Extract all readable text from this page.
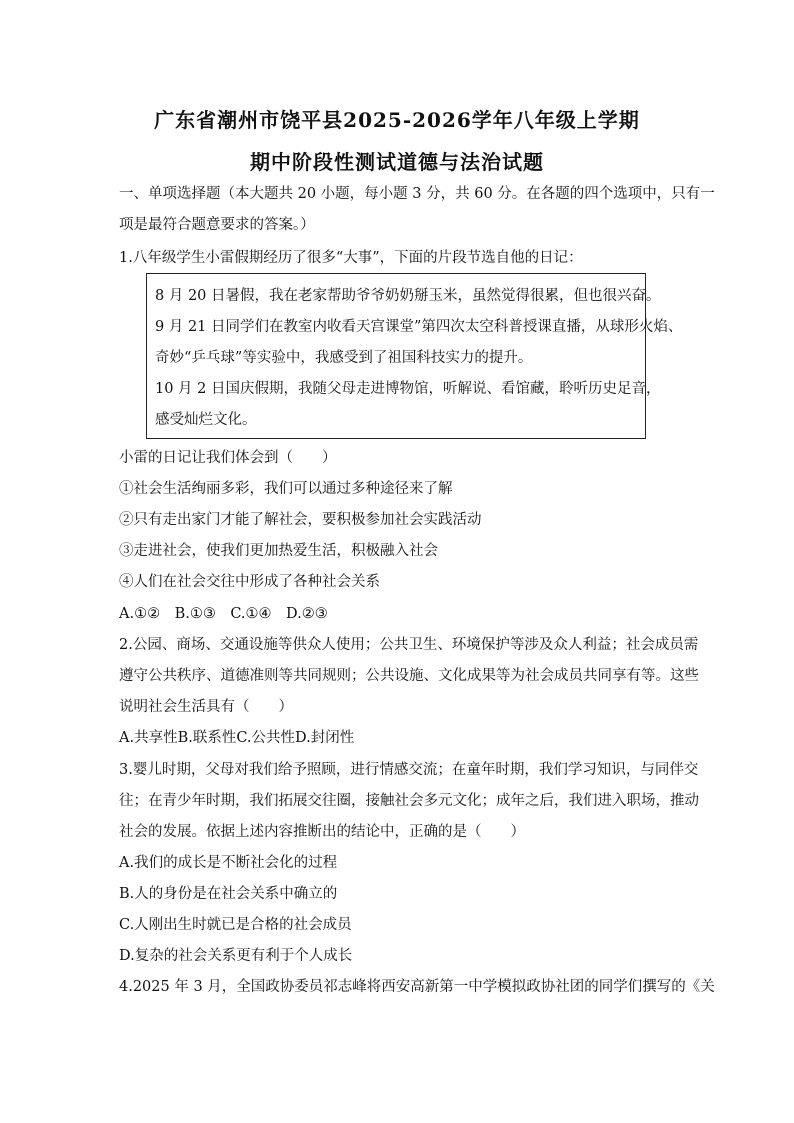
广东省潮州市饶平县2025-2026学年八年级上学期
期中阶段性测试道德与法治试题
一、单项选择题（本大题共 20 小题，每小题 3 分，共 60 分。在各题的四个选项中，只有一
项是最符合题意要求的答案。）
1.八年级学生小雷假期经历了很多“大事”，下面的片段节选自他的日记：
8 月 20 日暑假，我在老家帮助爷爷奶奶掰玉米，虽然觉得很累，但也很兴奋。
9 月 21 日同学们在教室内收看天宫课堂”第四次太空科普授课直播，从球形火焰、
奇妙“乒乓球”等实验中，我感受到了祖国科技实力的提升。
10 月 2 日国庆假期，我随父母走进博物馆，听解说、看馆藏，聆听历史足音，
感受灿烂文化。
小雷的日记让我们体会到（　　）
①社会生活绚丽多彩，我们可以通过多种途径来了解
②只有走出家门才能了解社会，要积极参加社会实践活动
③走进社会，使我们更加热爱生活，积极融入社会
④人们在社会交往中形成了各种社会关系
A.①②　B.①③　C.①④　D.②③
2.公园、商场、交通设施等供众人使用；公共卫生、环境保护等涉及众人利益；社会成员需
遵守公共秩序、道德准则等共同规则；公共设施、文化成果等为社会成员共同享有等。这些
说明社会生活具有（　　）
A.共享性B.联系性C.公共性D.封闭性
3.婴儿时期，父母对我们给予照顾，进行情感交流；在童年时期，我们学习知识，与同伴交
往；在青少年时期，我们拓展交往圈，接触社会多元文化；成年之后，我们进入职场，推动
社会的发展。依据上述内容推断出的结论中，正确的是（　　）
A.我们的成长是不断社会化的过程
B.人的身份是在社会关系中确立的
C.人刚出生时就已是合格的社会成员
D.复杂的社会关系更有利于个人成长
4.2025 年 3 月，全国政协委员祁志峰将西安高新第一中学模拟政协社团的同学们撰写的《关
